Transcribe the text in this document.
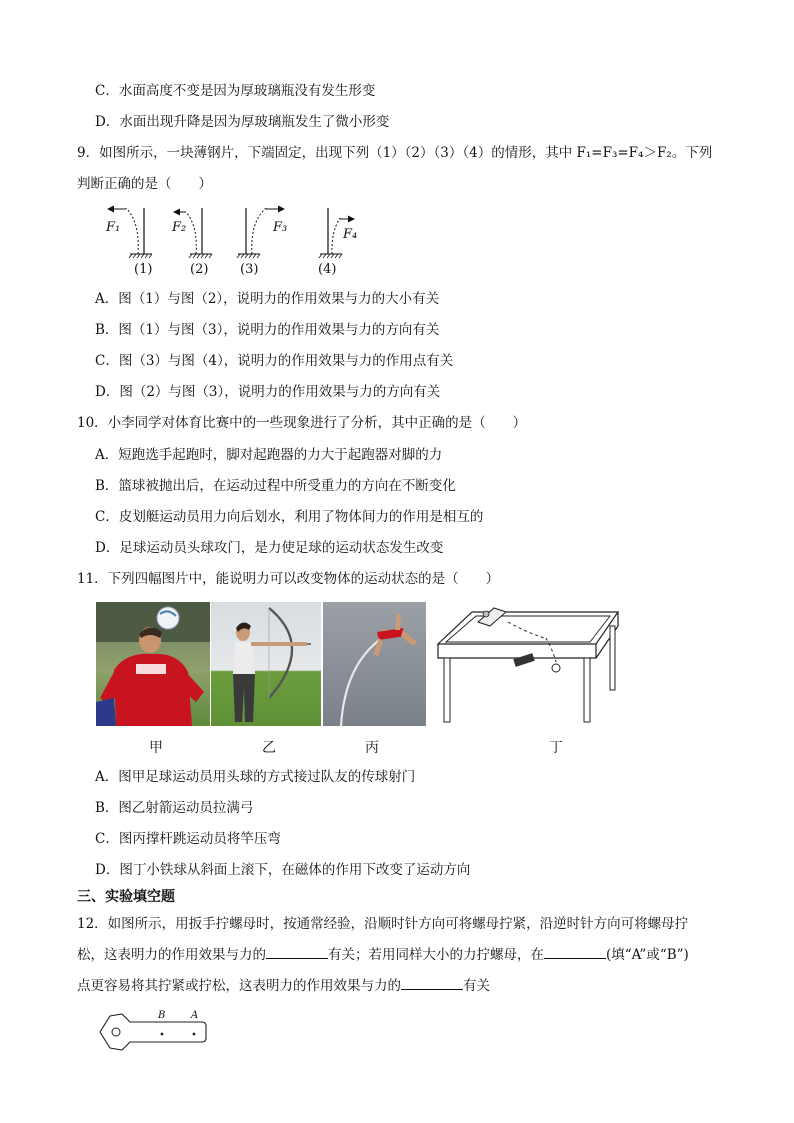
C．水面高度不变是因为厚玻璃瓶没有发生形变
D．水面出现升降是因为厚玻璃瓶发生了微小形变
9．如图所示，一块薄钢片，下端固定，出现下列（1）（2）（3）（4）的情形，其中 F₁=F₃=F₄＞F₂。下列
判断正确的是（　　）
F₁	F₂	F₃	F₄
(1)	(2) (3)	(4)
A．图（1）与图（2），说明力的作用效果与力的大小有关
B．图（1）与图（3），说明力的作用效果与力的方向有关
C．图（3）与图（4），说明力的作用效果与力的作用点有关
D．图（2）与图（3），说明力的作用效果与力的方向有关
10．小李同学对体育比赛中的一些现象进行了分析，其中正确的是（　　）
A．短跑选手起跑时，脚对起跑器的力大于起跑器对脚的力
B．篮球被抛出后，在运动过程中所受重力的方向在不断变化
C．皮划艇运动员用力向后划水，利用了物体间力的作用是相互的
D．足球运动员头球攻门，是力使足球的运动状态发生改变
11．下列四幅图片中，能说明力可以改变物体的运动状态的是（　　）
甲	乙	丙	丁
A．图甲足球运动员用头球的方式接过队友的传球射门
B．图乙射箭运动员拉满弓
C．图丙撑杆跳运动员将竿压弯
D．图丁小铁球从斜面上滚下，在磁体的作用下改变了运动方向
三、实验填空题
12．如图所示，用扳手拧螺母时，按通常经验，沿顺时针方向可将螺母拧紧，沿逆时针方向可将螺母拧
松，这表明力的作用效果与力的	有关；若用同样大小的力拧螺母，在	(填“A”或“B”)
点更容易将其拧紧或拧松，这表明力的作用效果与力的	有关
B	A
